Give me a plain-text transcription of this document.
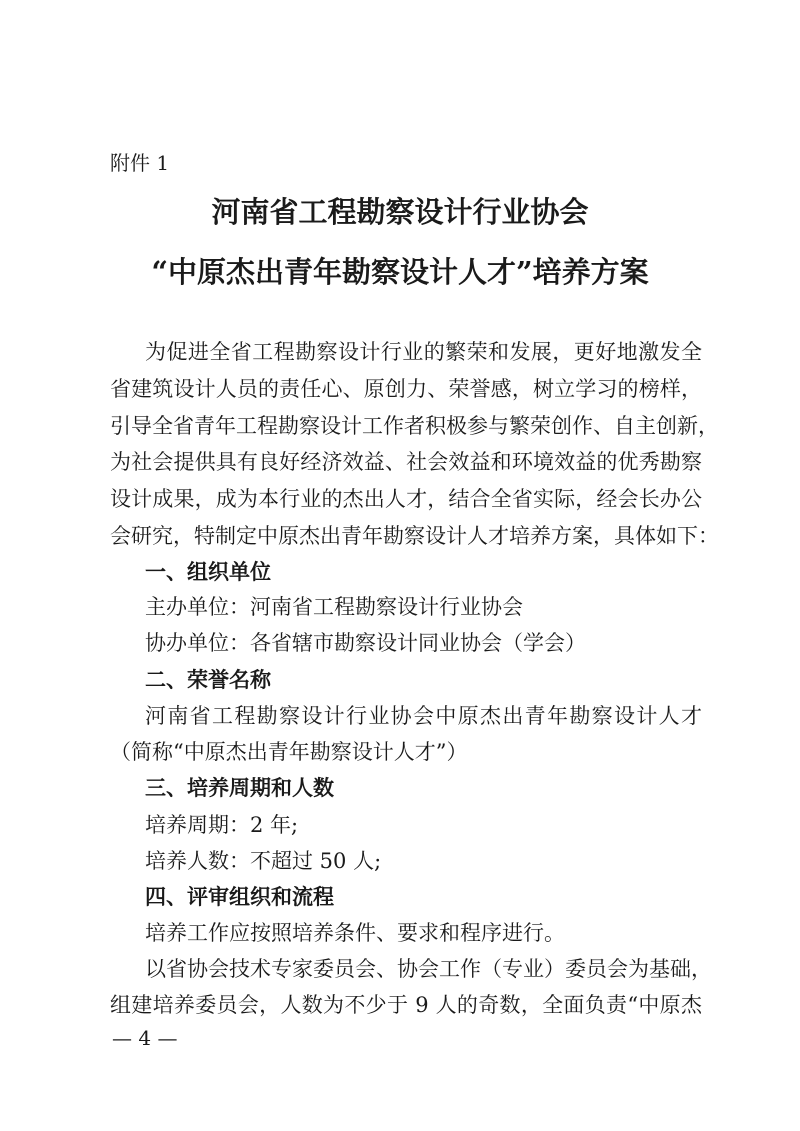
附件 1
河南省工程勘察设计行业协会
“中原杰出青年勘察设计人才”培养方案
为促进全省工程勘察设计行业的繁荣和发展，更好地激发全
省建筑设计人员的责任心、原创力、荣誉感，树立学习的榜样，
引导全省青年工程勘察设计工作者积极参与繁荣创作、自主创新，
为社会提供具有良好经济效益、社会效益和环境效益的优秀勘察
设计成果，成为本行业的杰出人才，结合全省实际，经会长办公
会研究，特制定中原杰出青年勘察设计人才培养方案，具体如下：
一、组织单位
主办单位：河南省工程勘察设计行业协会
协办单位：各省辖市勘察设计同业协会（学会）
二、荣誉名称
河南省工程勘察设计行业协会中原杰出青年勘察设计人才
（简称“中原杰出青年勘察设计人才”）
三、培养周期和人数
培养周期：2 年;
培养人数：不超过 50 人;
四、评审组织和流程
培养工作应按照培养条件、要求和程序进行。
以省协会技术专家委员会、协会工作（专业）委员会为基础，
组建培养委员会，人数为不少于 9 人的奇数，全面负责“中原杰
— 4 —
